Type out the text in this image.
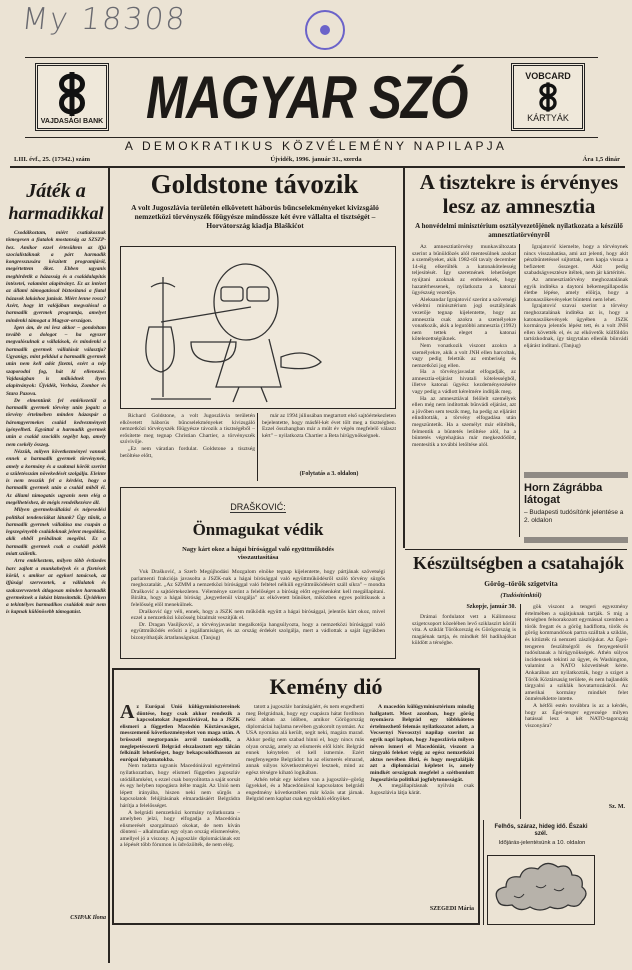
My 18308
VAJDASÁGI BANK MAGYAR SZÓ	VOBCARD
KÁRTYÁK
A DEMOKRATIKUS KÖZVÉLEMÉNY NAPILAPJA
LIII. évf., 25. (17342.) szám	Újvidék, 1996. január 31., szerda	Ára 1,5 dinár
Játék a
harmadikkal

Csodálkoztam, miért csatlakoznak tömegesen a fiatalok mostanság az SZSZP-hez. Amikor ezzel értesültem az ifjú szocialistáknak a párt harmadik kongresszusára készített programjáról, megértettem őket. Ebben ugyanis meghirdetik a házasság és a családalapítás intézetei, valamint alapítványt. Ez az intézet az állami támogatással biztosítaná a fiatal házasok lakáshoz jutását. Miért lenne rossz? Azért, hogy itt valójában megvalósul a harmadik gyermek programja, amelyet mindenki támogat a Magyar-országon.

Igen ám, de mi lesz akkor – gondoltam tovább a dologot – ha egyszer megvalósulnak a vállalások, és mindenki a harmadik gyermek vállalását választja? Ugyanígy, mint például a harmadik gyermek után nem kell adót fizetni, ezért a nép szaporodni fog, hát ki ellenezné. Vajdaságban is működnek ilyen alapítványok: Újvidék, Verbász, Zombor és Stara Pazova.

De elmentünk fel emlékezetül a harmadik gyermek törvény után jogait: a törvény értelmében minden házaspár a háromgyermekes család kedvezményeit igényelheti. Egyúttal a harmadik gyermek után a család szociális segélyt kap, amely nem csekély összeg.

Nézzük, milyen következményei vannak ennek a harmadik gyermek törvénynek, amely a kormány és a szakmai körök szerint a születésszám növekedését szolgálja. Eleinte is nem tesszük fel a kérdést, hogy a harmadik gyermek után a család miből él. Az állami támogatás ugyanis nem elég a megélhetéshez, de mégis rendelkezésre áll.

Milyen gyermekvállalási és népesedési politikai tendenciákat látunk? Úgy tűnik, a harmadik gyermek vállalása ma csupán a legszegényebb családoknak jelent megoldást, akik ebből próbálnak megélni. Ez a harmadik gyermek csak a családi pótlék miatt születik.

Arra emlékeztem, milyen több évtizedes harc zajlott a munkahelyek és a fizetések körül, s amikor az egykori tanácsok, az ifjúsági szervezetek, a vállalatok és szakszervezetek átlagosan minden harmadik gyermeknek a lakást biztosították. Újvidéken a tekintélyes harmadikos családok már nem is kapnak különösebb támogatást.

CSIPAK Ilona
Goldstone távozik
A volt Jugoszlávia területén elkövetett háborús bűncselekményeket kivizsgáló nemzetközi törvényszék főügyésze mindössze két évre vállalta el tisztségét – Horvátország kiadja Blaškićot

Richard Goldstone, a volt Jugoszlávia területén elkövetett háborús bűncselekményeket kivizsgáló nemzetközi törvényszék főügyésze távozik a tisztségéből – erősítette meg tegnap Christian Chartier, a törvényszék szóvivője.

„Ez nem váratlan fordulat. Goldstone a tisztség betöltése előtt,

már az 1994 júliusában megtartott első sajtóértekezleten bejelentette, hogy másfél-két évet tölt meg a tisztségben. Ezzel összhangban már a múlt év végén megfelelő választ kért" – nyilatkozta Chartier a Beta hírügynökségnek.

(Folytatás a 3. oldalon)
DRAŠKOVIĆ:
Önmagukat védik
Nagy kárt okoz a hágai bírósággal való együttműködés visszautasítása

Vuk Drašković, a Szerb Megújhodási Mozgalom elnöke tegnap kijelentette, hogy pártjának szövetségi parlamenti frakciója javasolta a JSZK-nak a hágai bírósággal való együttműködésről szóló törvény sürgős meghozatalát. „Az SZMM a nemzetközi bírósággal való feltétel nélküli együttműködésért száll síkra" – mondta Drašković a sajtóértekezleten. Véleménye szerint a felelőséget a bíróság előtt egyénenként kell megállapítani. Bírálta, hogy a hágai bíróság „kegyetlenül vizsgálja" az elkövetett bűnöket, miközben egyes politikusok a felelősség elől menekülnek.

Drašković úgy véli, ennek, hogy a JSZK nem működik együtt a hágai bírósággal, jelentős kárt okoz, mivel ezzel a nemzetközi közösség bizalmát veszítjük el.

Dr. Dragan Vasiljković, a törvényjavaslat megalkotója hangsúlyozta, hogy a nemzetközi bírósággal való együttműködés erősíti a jogállamiságot, és az ország érdekét szolgálja, mert a vádlottak a saját ügyükben bizonyíthatják ártatlanságukat. (Tanjug)

A tisztekre is érvényes lesz az amnesztia
A honvédelmi minisztérium osztályvezetőjének nyilatkozata a készülő amnesztiatörvényről

Az amnesztiatörvény munkaváltozata szerint a bűnüldözés alól mentesülnek azokat a személyeket, akik 1982-től tavaly december 14-éig elkerülték a katonakötelesség teljesítését. Így szeretnének lehetőséget nyújtani azoknak az embereknek, hogy hazatérhessenek, nyilatkozta a katonai ügyészség vezetője.

Aleksandar Igrajatović szerint a szövetségi védelmi minisztérium jogi osztályának vezetője tegnap kijelentette, hogy az amnesztia csak azokra a személyekre vonatkozik, akik a legutóbbi amnesztia (1992) nem tettek eleget a katonai kötelezettségüknek.

Nem vonatkozik viszont azokra a személyekre, akik a volt JNH ellen harcoltak, vagy pedig felettük az emberiség és nemzetközi jog ellen.

Ha a törvényjavaslat elfogadják, az amnesztia-eljárást hivatali kötelességből, illetve katonai ügyész kezdeményezésére vagy pedig a vádlott kérelmére indítják meg.

Ha az amnesztiával felölelt személyek ellen még nem indítottak bűnvádi eljárást, azt a jövőben sem teszik meg, ha pedig az eljárást elindították, a törvény elfogadása után megszüntetik. Ha a személyt már elítélték, felmentik a büntetés letöltése alól, ha a büntetés végrehajtása már megkezdődött, mentesítik a további letöltése alól.

Igrajatović kiemelte, hogy a törvénynek nincs visszahatása, ami azt jelenti, hogy akit pénzbüntetéssel sújtottak, nem kapja vissza a befizetett összeget. Akit pedig szabadságvesztésre ítéltek, nem jár kártérítés.

Az amnesztiatörvény meghozatalának egyik indítéka a daytoni békemegállapodás életbe lépése, amely előírja, hogy a katonaszökevényeket büntetni nem lehet.

Igrajatović szavai szerint a törvény meghozatalának indítéka az is, hogy a katonaszökevények ügyében a JSZK kormánya jelentős lépést tett, és a volt JNH ellen követték el, és az elkövetők külföldön tartózkodnak, így tárgytalan ellenük bűnvádi eljárást indítani. (Tanjug)

Horn Zágrábba látogat
– Budapesti tudósítónk jelentése a 2. oldalon
Készültségben a csatahajók
Görög–török szigetvita
(Tudósítónktól)
Szkopje, január 30.

Drámai fordulatot vett a Kálimnosz szigetcsoport közelében levő sziklaszirt körüli vita. A sziklát Törökország és Görögország is magáénak tartja, és mindkét fél hadihajókat küldött a térségbe.

gök viszont a tengeri egyezmény értelmében a sajátjuknak tartják. S míg a térségben felsorakozott egymással szemben a török fregatt és a görög hadiflotta, török és görög kommandósok partra szálltak a sziklán, és kitűzték rá nemzeti zászlójukat. Az Égei-tengeren feszültségről és fenyegetésről tudósítanak a hírügynökségek. Athén súlyos incidensnek tekinti az ügyet, és Washington, valamint a NATO közvetítését kérte. Ankarában azt nyilatkozták, hogy a sziget a Török Köztársaság területe, és nem hajlandók tárgyalni a sziklák hovatartozásáról. Az amerikai kormány mindkét felet önmérsékletre intette.

A hétfői estén továbbra is az a kérdés, hogy az Égei-tenger egyezsége milyen hatással lesz a két NATO-tagország viszonyára?

Sz. M.
Kemény dió

Az Európai Unió külügyminisztereinek döntése, hogy csak akkor rendezik a kapcsolatokat Jugoszláviával, ha a JSZK elismeri a független Macedón Köztársaságot, messzemenő következményeket von maga után. A brüsszeli megtorpanás arról tanúskodik, a meglepetésszerű Belgrád elszalasztott egy tálcán felkínált lehetőséget, hogy bekapcsolódhasson az európai folyamatokba.

Nem tudatta ugyanis Macedóniával egyértelmű nyilatkozatban, hogy elismeri független jugoszláv utódállamként, s ezzel csak bonyolította a saját sorsát és egy helyben topogásra ítélte magát. Az Unió nem lépett irányába, hiszen neki nem sürgős a kapcsolatok felújításának elmaradásáért Belgrádra hárítja a felelősséget.

A belgrádi nemzetközi kormány nyilatkozata – amelyben jelzi, hogy elfogadja a Macedónia elismerését szorgalmazó okokat, de nem kíván dönteni – alkalmatlan egy olyan ország elismerésére, amellyel jó a viszony. A jugoszláv diplomáciának ezt a lépését több fórumon is üdvözölték, de nem elég.

tatott a jugoszláv barátságáért, és nem engedhetti meg Belgrádnak, hogy egy csapásra hátat fordítson neki abban az időben, amikor Görögország diplomáciai hajlama nevében gyakorolt nyomást. Az USA nyomása alá került, segít neki, magára marad. Akkor pedig nem szabad hinni el, hogy nincs más olyan ország, amely az elismerés elől kitér. Belgrád ennek kénytelen el kell ismernie. Ezért megfenyegette Belgrádot: ha az elismerés elmarad, annak súlyos következményei lesznek, mind az egész térségre kiható logikában.

Athén tehát egy kézben van a jugoszláv–görög ügyekkel, és a Macedóniával kapcsolatos belgrádi engedmény következtében már közös utat járnak. Belgrád nem kaphat csak egyoldalú előnyöket.

A macedón külügyminisztérium mindig hallgatott. Most azonban, hogy görög nyomásra Belgrád egy többkötetes értelmezhető felemás nyilatkozatot adott, a Vecsernyi Novosztyi napilap szerint az egyik napi lapban, hogy Jugoszlávia milyen néven ismeri el Macedóniát, viszont a tárgyaló feleket végig az egész nemzetközi aktus nevében illeti, és hogy megtalálják azt a diplomáciai képletet is, amely mindkét országnak megfelel a szétbomlott Jugoszlávia politikai jogfolytonosságát.

A megállapításnak nyilván csak Jugoszlávia látja kárát.

SZEGEDI Mária
Felhős, száraz, hideg idő. Északi szél.
Időjárás-jelentésünk a 10. oldalon
